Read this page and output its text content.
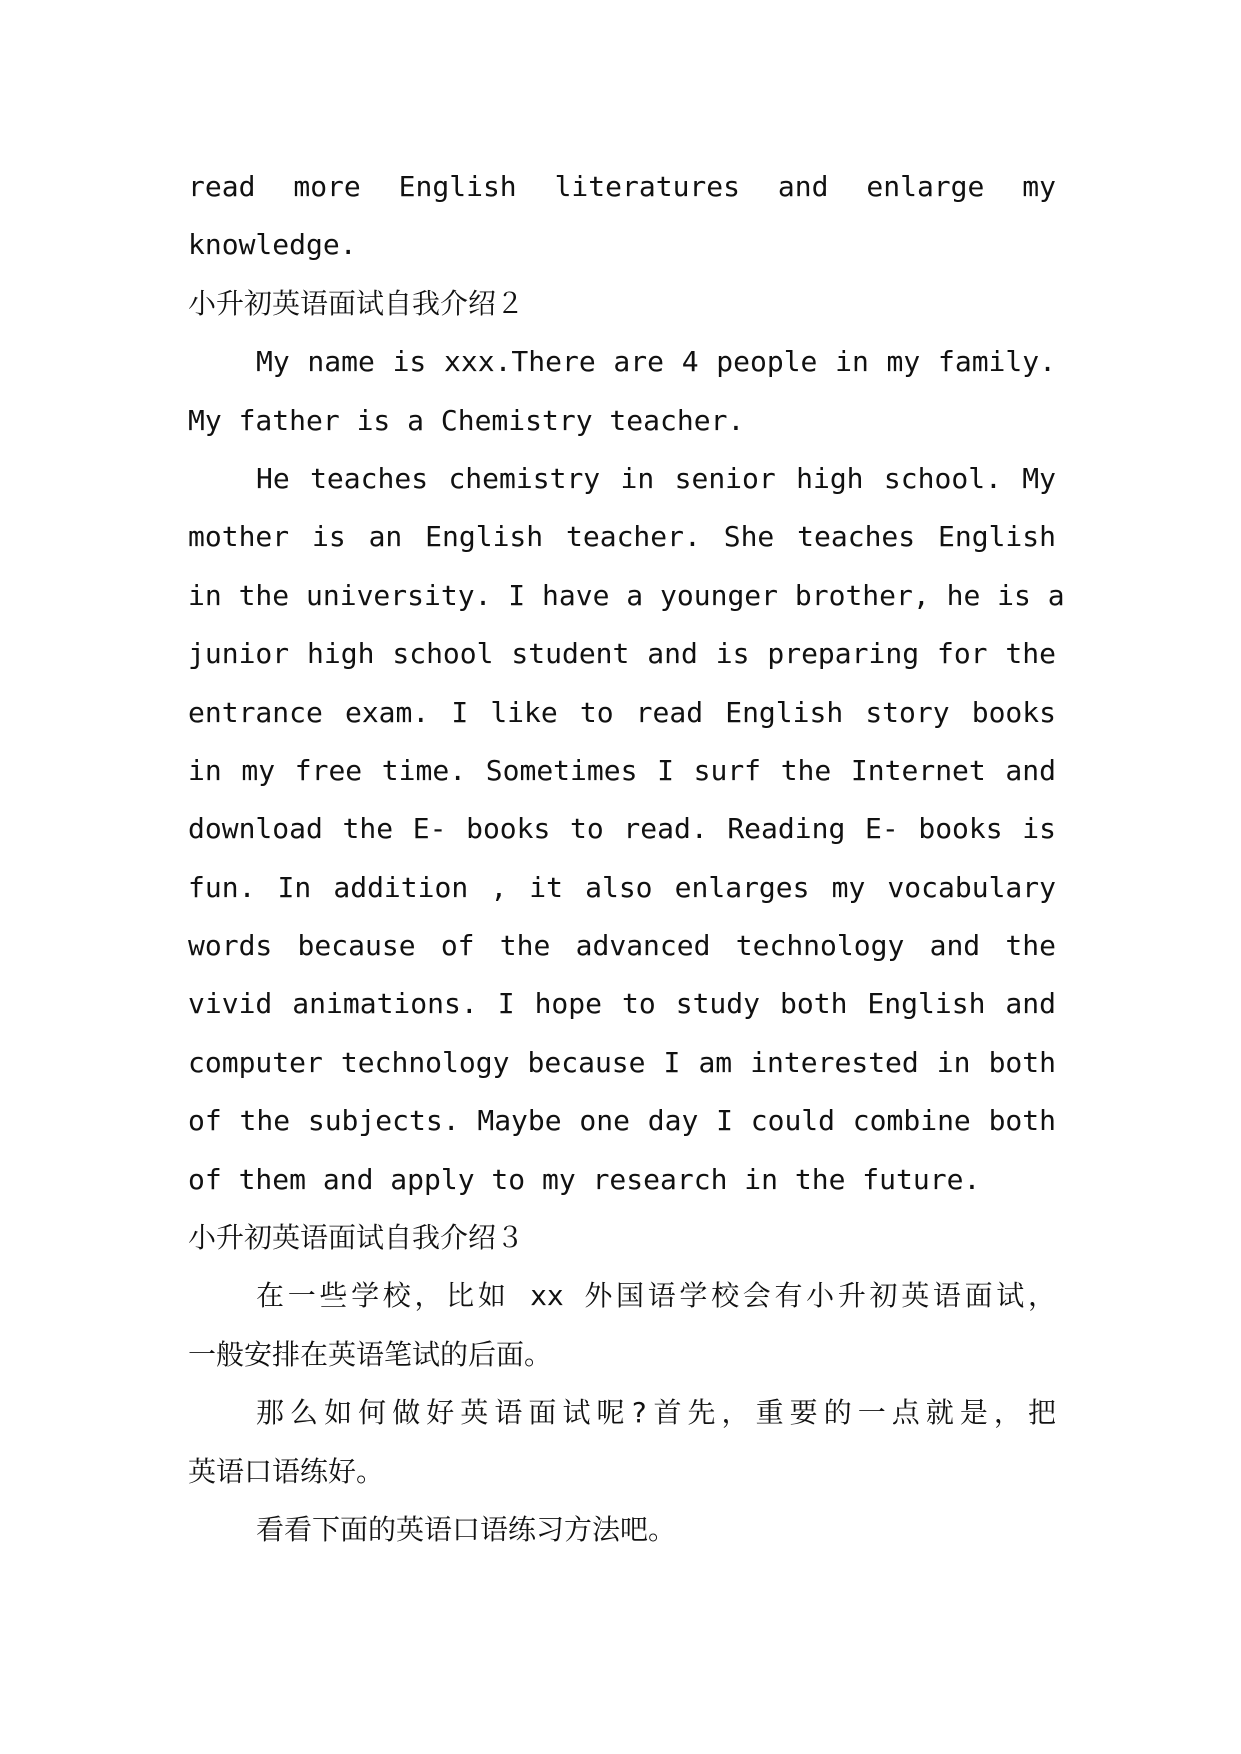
read more English literatures and enlarge my
knowledge.
小升初英语面试自我介绍２
My name is xxx.There are 4 people in my family.
My father is a Chemistry teacher.
He teaches chemistry in senior high school. My
mother is an English teacher. She teaches English
in the university. I have a younger brother, he is a
junior high school student and is preparing for the
entrance exam. I like to read English story books
in my free time. Sometimes I surf the Internet and
download the E- books to read. Reading E- books is
fun. In addition , it also enlarges my vocabulary
words because of the advanced technology and the
vivid animations. I hope to study both English and
computer technology because I am interested in both
of the subjects. Maybe one day I could combine both
of them and apply to my research in the future.
小升初英语面试自我介绍３
在一些学校，比如 xx 外国语学校会有小升初英语面试，
一般安排在英语笔试的后面。
那么如何做好英语面试呢?首先，重要的一点就是，把
英语口语练好。
看看下面的英语口语练习方法吧。
